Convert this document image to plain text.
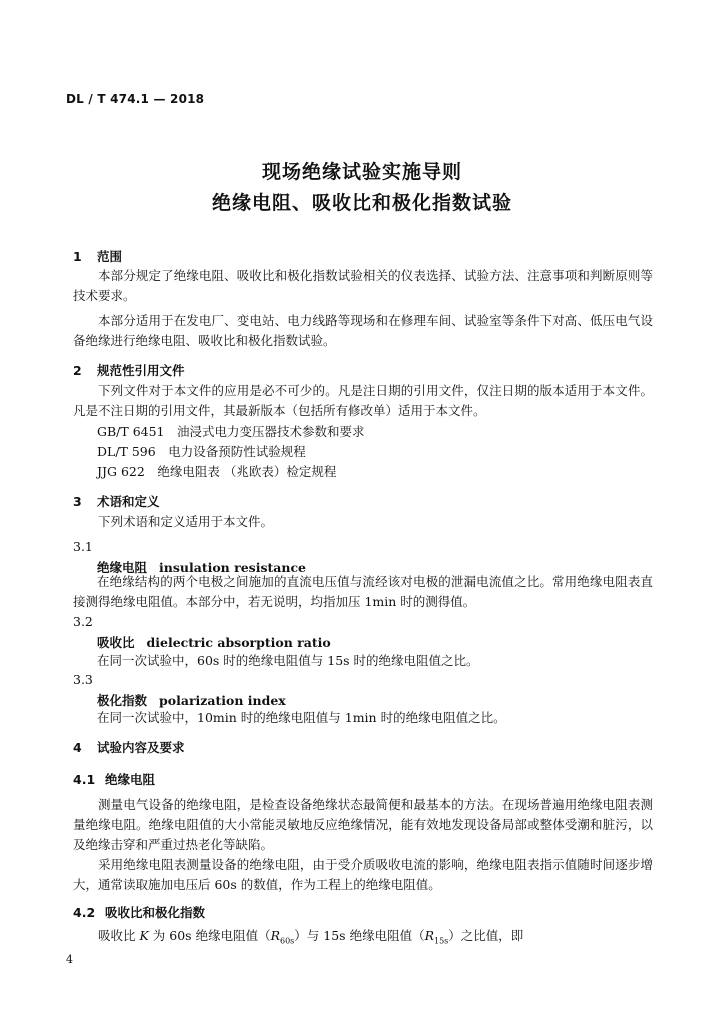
DL / T 474.1 — 2018
现场绝缘试验实施导则
绝缘电阻、吸收比和极化指数试验
1 范围
本部分规定了绝缘电阻、吸收比和极化指数试验相关的仪表选择、试验方法、注意事项和判断原则等技术要求。
本部分适用于在发电厂、变电站、电力线路等现场和在修理车间、试验室等条件下对高、低压电气设备绝缘进行绝缘电阻、吸收比和极化指数试验。
2 规范性引用文件
下列文件对于本文件的应用是必不可少的。凡是注日期的引用文件，仅注日期的版本适用于本文件。凡是不注日期的引用文件，其最新版本（包括所有修改单）适用于本文件。
GB/T 6451　油浸式电力变压器技术参数和要求
DL/T 596　电力设备预防性试验规程
JJG 622　绝缘电阻表 （兆欧表）检定规程
3 术语和定义
下列术语和定义适用于本文件。
3.1
绝缘电阻 insulation resistance
在绝缘结构的两个电极之间施加的直流电压值与流经该对电极的泄漏电流值之比。常用绝缘电阻表直接测得绝缘电阻值。本部分中，若无说明，均指加压 1min 时的测得值。
3.2
吸收比 dielectric absorption ratio
在同一次试验中，60s 时的绝缘电阻值与 15s 时的绝缘电阻值之比。
3.3
极化指数 polarization index
在同一次试验中，10min 时的绝缘电阻值与 1min 时的绝缘电阻值之比。
4 试验内容及要求
4.1 绝缘电阻
测量电气设备的绝缘电阻，是检查设备绝缘状态最简便和最基本的方法。在现场普遍用绝缘电阻表测量绝缘电阻。绝缘电阻值的大小常能灵敏地反应绝缘情况，能有效地发现设备局部或整体受潮和脏污，以及绝缘击穿和严重过热老化等缺陷。
采用绝缘电阻表测量设备的绝缘电阻，由于受介质吸收电流的影响，绝缘电阻表指示值随时间逐步增大，通常读取施加电压后 60s 的数值，作为工程上的绝缘电阻值。
4.2 吸收比和极化指数
吸收比 K 为 60s 绝缘电阻值$(R_{60s})$与 15s 绝缘电阻值$(R_{15s})$之比值，即
4
